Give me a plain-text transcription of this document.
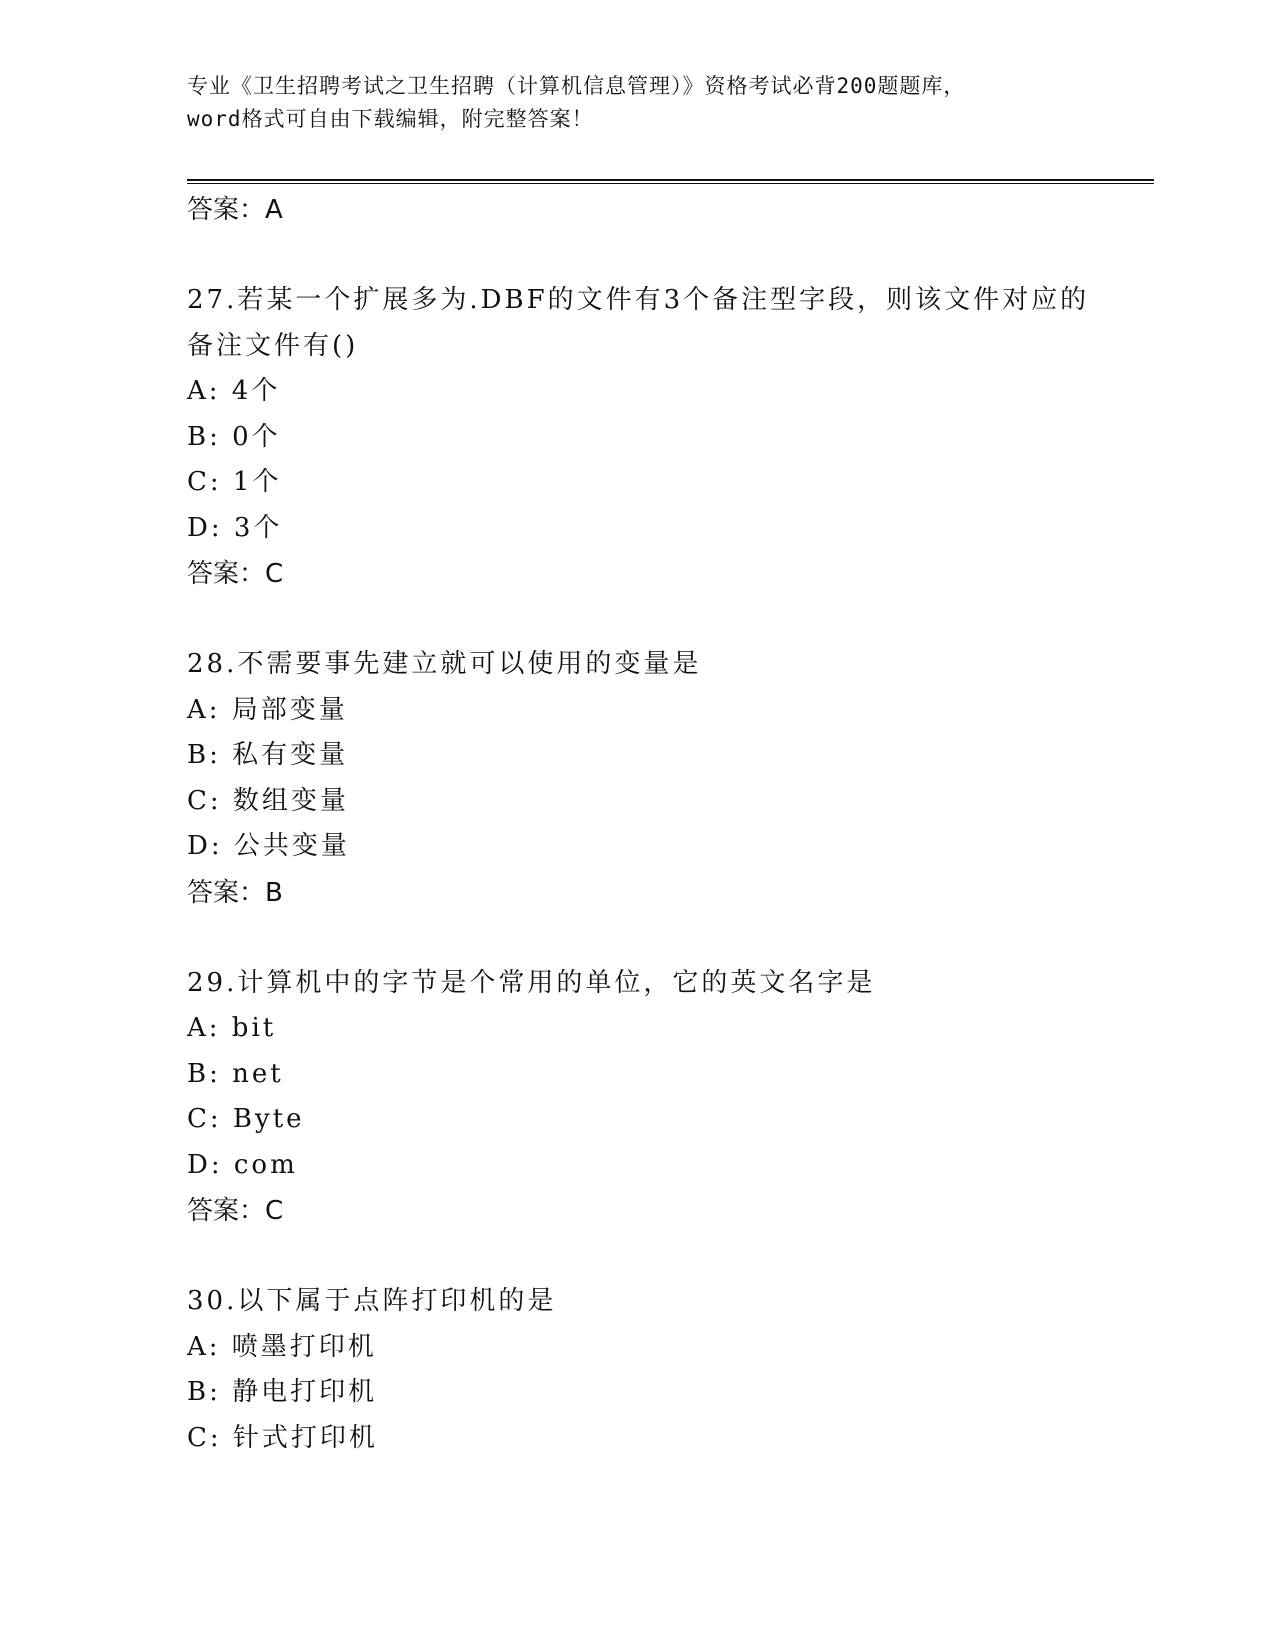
专业《卫生招聘考试之卫生招聘（计算机信息管理）》资格考试必背200题题库，
word格式可自由下载编辑，附完整答案！
答案：A
27.若某一个扩展多为.DBF的文件有3个备注型字段，则该文件对应的
备注文件有()
A: 4个
B: 0个
C: 1个
D: 3个
答案：C
28.不需要事先建立就可以使用的变量是
A: 局部变量
B: 私有变量
C: 数组变量
D: 公共变量
答案：B
29.计算机中的字节是个常用的单位，它的英文名字是
A: bit
B: net
C: Byte
D: com
答案：C
30.以下属于点阵打印机的是
A: 喷墨打印机
B: 静电打印机
C: 针式打印机
